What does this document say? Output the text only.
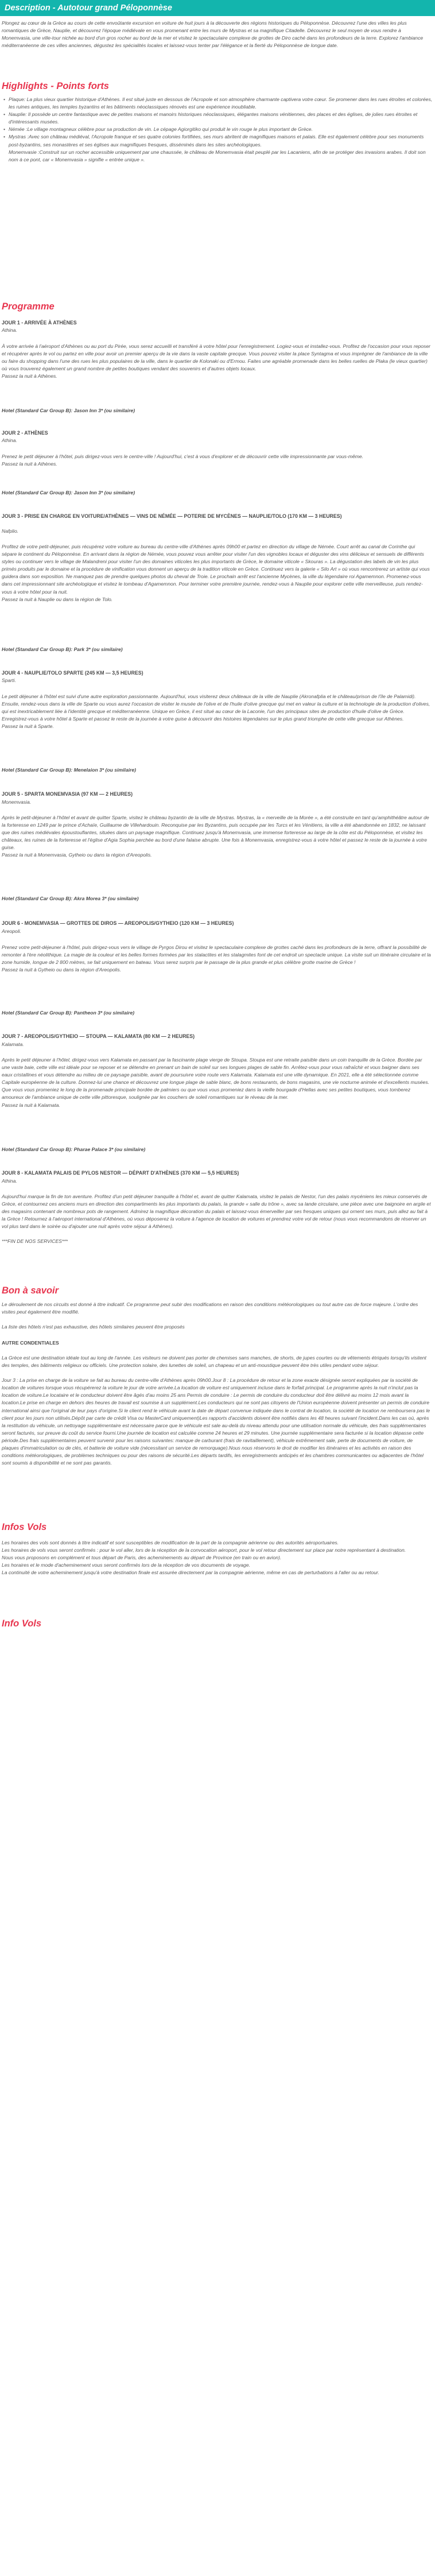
Description - Autotour grand Péloponnèse

Plongez au cœur de la Grèce au cours de cette envoûtante excursion en voiture de huit jours à la découverte des régions historiques du Péloponnèse. Découvrez l'une des villes les plus romantiques de Grèce, Nauplie, et découvrez l'époque médiévale en vous promenant entre les murs de Mystras et sa magnifique Citadelle. Découvrez le seul moyen de vous rendre à Monemvasia, une ville-tour nichée au bord d'un gros rocher au bord de la mer et visitez le spectaculaire complexe de grottes de Diro caché dans les profondeurs de la terre. Explorez l'ambiance méditerranéenne de ces villes anciennes, dégustez les spécialités locales et laissez-vous tenter par l'élégance et la fierté du Péloponnèse de longue date.

Highlights - Points forts
• Plaque: La plus vieux quartier historique d'Athènes. Il est situé juste en dessous de l'Acropole et son atmosphère charmante captivera votre cœur. Se promener dans les rues étroites et colorées, les ruines antiques, les temples byzantins et les bâtiments néoclassiques rénovés est une expérience inoubliable.
• Nauplie: Il possède un centre fantastique avec de petites maisons et manoirs historiques néoclassiques, élégantes maisons vénitiennes, des places et des églises, de jolies rues étroites et d'intéressants musées.
• Némée :Le village montagneux célèbre pour sa production de vin. Le cépage Agiorgitiko qui produit le vin rouge le plus important de Grèce.
• Mystras :Avec son château médiéval, l'Acropole franque et ses quatre colonies fortifiées, ses murs abritent de magnifiques maisons et palais. Elle est également célèbre pour ses monuments post-byzantins, ses monastères et ses églises aux magnifiques fresques, disséminés dans les sites archéologiques.
Monemvasie :Construit sur un rocher accessible uniquement par une chaussée, le château de Monemvasia était peuplé par les Lacaniens, afin de se protéger des invasions arabes. Il doit son nom à ce pont, car « Monemvasia » signifie « entrée unique ».
Programme
JOUR 1 - ARRIVÉE À ATHÈNES
Athina.

À votre arrivée à l'aéroport d'Athènes ou au port du Pirée, vous serez accueilli et transféré à votre hôtel pour l'enregistrement. Logiez-vous et installez-vous. Profitez de l'occasion pour vous reposer et récupérer après le vol ou partez en ville pour avoir un premier aperçu de la vie dans la vaste capitale grecque. Vous pouvez visiter la place Syntagma et vous imprégner de l'ambiance de la ville ou faire du shopping dans l'une des rues les plus populaires de la ville, dans le quartier de Kolonaki ou d'Ermou. Faites une agréable promenade dans les belles ruelles de Plaka (le vieux quartier) où vous trouverez également un grand nombre de petites boutiques vendant des souvenirs et d'autres objets locaux.

Passez la nuit à Athènes.

Hotel (Standard Car Group B): Jason Inn 3* (ou similaire)
JOUR 2 - ATHÈNES
Athina.

Prenez le petit déjeuner à l'hôtel, puis dirigez-vous vers le centre-ville ! Aujourd'hui, c'est à vous d'explorer et de découvrir cette ville impressionnante par vous-même.

Passez la nuit à Athènes.

Hotel (Standard Car Group B): Jason Inn 3* (ou similaire)
JOUR 3 - PRISE EN CHARGE EN VOITURE/ATHÈNES — VINS DE NÉMÉE — POTERIE DE MYCÈNES — NAUPLIE/TOLO (170 KM — 3 HEURES)
Nafplio.

Profitez de votre petit-déjeuner, puis récupérez votre voiture au bureau du centre-ville d'Athènes après 09h00 et partez en direction du village de Némée. Court arrêt au canal de Corinthe qui sépare le continent du Péloponnèse. En arrivant dans la région de Némée, vous pouvez vous arrêter pour visiter l'un des vignobles locaux et déguster des vins délicieux et sensuels de différents styles ou continuer vers le village de Malandreni pour visiter l'un des domaines viticoles les plus importants de Grèce, le domaine viticole « Skouras ». La dégustation des labels de vin les plus primés produits par le domaine et la procédure de vinification vous donnent un aperçu de la tradition viticole en Grèce. Continuez vers la galerie « Silo Art » où vous rencontrerez un artiste qui vous guidera dans son exposition. Ne manquez pas de prendre quelques photos du cheval de Troie. Le prochain arrêt est l'ancienne Mycènes, la ville du légendaire roi Agamemnon. Promenez-vous dans cet impressionnant site archéologique et visitez le tombeau d'Agamemnon. Pour terminer votre première journée, rendez-vous à Nauplie pour explorer cette ville merveilleuse, puis rendez-vous à votre hôtel pour la nuit.

Passez la nuit à Nauplie ou dans la région de Tolo.

Hotel (Standard Car Group B): Park 3* (ou similaire)
JOUR 4 - NAUPLIE/TOLO SPARTE (245 KM — 3,5 HEURES)
Sparti.

Le petit déjeuner à l'hôtel est suivi d'une autre exploration passionnante. Aujourd'hui, vous visiterez deux châteaux de la ville de Nauplie (Akronafplia et le château/prison de l'île de Palamidi). Ensuite, rendez-vous dans la ville de Sparte ou vous aurez l'occasion de visiter le musée de l'olive et de l'huile d'olive grecque qui met en valeur la culture et la technologie de la production d'olives, qui est inextricablement liée à l'identité grecque et méditerranéenne. Unique en Grèce, il est situé au cœur de la Laconie, l'un des principaux sites de production d'huile d'olive de Grèce. Enregistrez-vous à votre hôtel à Sparte et passez le reste de la journée à votre guise à découvrir des histoires légendaires sur le plus grand triomphe de cette ville grecque sur Athènes.

Passez la nuit à Sparte.

Hotel (Standard Car Group B): Menelaion 3* (ou similaire)
JOUR 5 - SPARTA MONEMVASIA (97 KM — 2 HEURES)
Monemvasia.

Après le petit-déjeuner à l'hôtel et avant de quitter Sparte, visitez le château byzantin de la ville de Mystras. Mystras, la « merveille de la Morée », a été construite en tant qu'amphithéâtre autour de la forteresse en 1249 par le prince d'Achaïe, Guillaume de Villehardouin. Reconquise par les Byzantins, puis occupée par les Turcs et les Vénitiens, la ville a été abandonnée en 1832, ne laissant que des ruines médiévales époustouflantes, situées dans un paysage magnifique. Continuez jusqu'à Monemvasia, une immense forteresse au large de la côte est du Péloponnèse, et visitez les châteaux, les ruines de la forteresse et l'église d'Agia Sophia perchée au bord d'une falaise abrupte. Une fois à Monemvasia, enregistrez-vous à votre hôtel et passez le reste de la journée à votre guise.

Passez la nuit à Monemvasia, Gytheio ou dans la région d'Areopolis.

Hotel (Standard Car Group B): Akra Morea 3* (ou similaire)
JOUR 6 - MONEMVASIA — GROTTES DE DIROS — AREOPOLIS/GYTHEIO (120 KM — 3 HEURES)
Areopoli.

Prenez votre petit-déjeuner à l'hôtel, puis dirigez-vous vers le village de Pyrgos Dirou et visitez le spectaculaire complexe de grottes caché dans les profondeurs de la terre, offrant la possibilité de remonter à l'ère néolithique. La magie de la couleur et les belles formes formées par les stalactites et les stalagmites font de cet endroit un spectacle unique. La visite suit un itinéraire circulaire et la zone humide, longue de 2 800 mètres, se fait uniquement en bateau. Vous serez surpris par le passage de la plus grande et plus célèbre grotte marine de Grèce !

Passez la nuit à Gytheio ou dans la région d'Areopolis.

Hotel (Standard Car Group B): Pantheon 3* (ou similaire)
JOUR 7 - AREOPOLIS/GYTHEIO — STOUPA — KALAMATA (80 KM — 2 HEURES)
Kalamata.

Après le petit déjeuner à l'hôtel, dirigez-vous vers Kalamata en passant par la fascinante plage vierge de Stoupa. Stoupa est une retraite paisible dans un coin tranquille de la Grèce. Bordée par une vaste baie, cette ville est idéale pour se reposer et se détendre en prenant un bain de soleil sur ses longues plages de sable fin. Arrêtez-vous pour vous rafraîchir et vous baigner dans ses eaux cristallines et vous détendre au milieu de ce paysage paisible, avant de poursuivre votre route vers Kalamata. Kalamata est une ville dynamique. En 2021, elle a été sélectionnée comme Capitale européenne de la culture. Donnez-lui une chance et découvrez une longue plage de sable blanc, de bons restaurants, de bons magasins, une vie nocturne animée et d'excellents musées. Que vous vous promeniez le long de la promenade principale bordée de palmiers ou que vous vous promeniez dans la vieille bourgade d'Hellas avec ses petites boutiques, vous tomberez amoureux de l'ambiance unique de cette ville pittoresque, soulignée par les couchers de soleil romantiques sur le réveau de la mer.

Passez la nuit à Kalamata.

Hotel (Standard Car Group B): Pharae Palace 3* (ou similaire)
JOUR 8 - KALAMATA PALAIS DE PYLOS NESTOR — DÉPART D'ATHÈNES (370 KM — 5,5 HEURES)
Athina.

Aujourd'hui marque la fin de ton aventure. Profitez d'un petit déjeuner tranquille à l'hôtel et, avant de quitter Kalamata, visitez le palais de Nestor, l'un des palais mycéniens les mieux conservés de Grèce, et contournez ces anciens murs en direction des compartiments les plus importants du palais, la grande « salle du trône », avec sa lande circulaire, une pièce avec une baignoire en argile et des magasins contenant de nombreux pots de rangement. Admirez la magnifique décoration du palais et laissez-vous émerveiller par ses fresques uniques qui ornent ses murs, puis allez au fait à la Grèce ! Retournez à l'aéroport international d'Athènes, où vous déposerez la voiture à l'agence de location de voitures et prendrez votre vol de retour (nous vous recommandons de réserver un vol plus tard dans le soirée ou d'ajouter une nuit après votre séjour à Athènes).

***FIN DE NOS SERVICES***

Bon à savoir

Le déroulement de nos circuits est donné à titre indicatif. Ce programme peut subir des modifications en raison des conditions météorologiques ou tout autre cas de force majeure. L'ordre des visites peut également être modifié.

La liste des hôtels n'est pas exhaustive, des hôtels similaires peuvent être proposés

AUTRE CONDENTIALES

La Grèce est une destination idéale tout au long de l'année. Les visiteurs ne doivent pas porter de chemises sans manches, de shorts, de jupes courtes ou de vêtements étriqués lorsqu'ils visitent des temples, des bâtiments religieux ou officiels. Une protection solaire, des lunettes de soleil, un chapeau et un anti-moustique peuvent être très utiles pendant votre séjour.

Jour 3 : La prise en charge de la voiture se fait au bureau du centre-ville d'Athènes après 09h00.Jour 8 : La procédure de retour et la zone exacte désignée seront expliquées par la société de location de voitures lorsque vous récupérerez la voiture le jour de votre arrivée.La location de voiture est uniquement incluse dans le forfait principal. Le programme après la nuit n'inclut pas la location de voiture.Le locataire et le conducteur doivent être âgés d'au moins 25 ans Permis de conduire : Le permis de conduire du conducteur doit être délivré au moins 12 mois avant la location.Le prise en charge en dehors des heures de travail est soumise à un supplément.Les conducteurs qui ne sont pas citoyens de l'Union européenne doivent présenter un permis de conduire international ainsi que l'original de leur pays d'origine.Si le client rend le véhicule avant la date de départ convenue indiquée dans le contrat de location, la société de location ne remboursera pas le client pour les jours non utilisés.Dépôt par carte de crédit Visa ou MasterCard uniquement)Les rapports d'accidents doivent être notifiés dans les 48 heures suivant l'incident.Dans les cas où, après la restitution du véhicule, un nettoyage supplémentaire est nécessaire parce que le véhicule est sale au-delà du niveau attendu pour une utilisation normale du véhicule, des frais supplémentaires seront facturés, sur preuve du coût du service fourni.Une journée de location est calculée comme 24 heures et 29 minutes. Une journée supplémentaire sera facturée si la location dépasse cette période.Des frais supplémentaires peuvent survenir pour les raisons suivantes: manque de carburant (frais de ravitaillement), véhicule extrêmement sale, perte de documents de voiture, de plaques d'immatriculation ou de clés, et batterie de voiture vide (nécessitant un service de remorquage).Nous nous réservons le droit de modifier les itinéraires et les activités en raison des conditions météorologiques, de problèmes techniques ou pour des raisons de sécurité.Les départs tardifs, les enregistrements anticipés et les chambres communicantes ou adjacentes de l'hôtel sont soumis à disponibilité et ne sont pas garantis.

Infos Vols

Les horaires des vols sont donnés à titre indicatif et sont susceptibles de modification de la part de la compagnie aérienne ou des autorités aéroportuaires.

Les horaires de vols vous seront confirmés : pour le vol aller, lors de la réception de la convocation aéroport, pour le vol retour directement sur place par notre représentant à destination.

Nous vous proposons en complément et tous départ de Paris, des acheminements au départ de Province (en train ou en avion).

Les horaires et le mode d'acheminement vous seront confirmés lors de la réception de vos documents de voyage.

La continuité de votre acheminement jusqu'à votre destination finale est assurée directement par la compagnie aérienne, même en cas de perturbations à l'aller ou au retour.

Info Vols
